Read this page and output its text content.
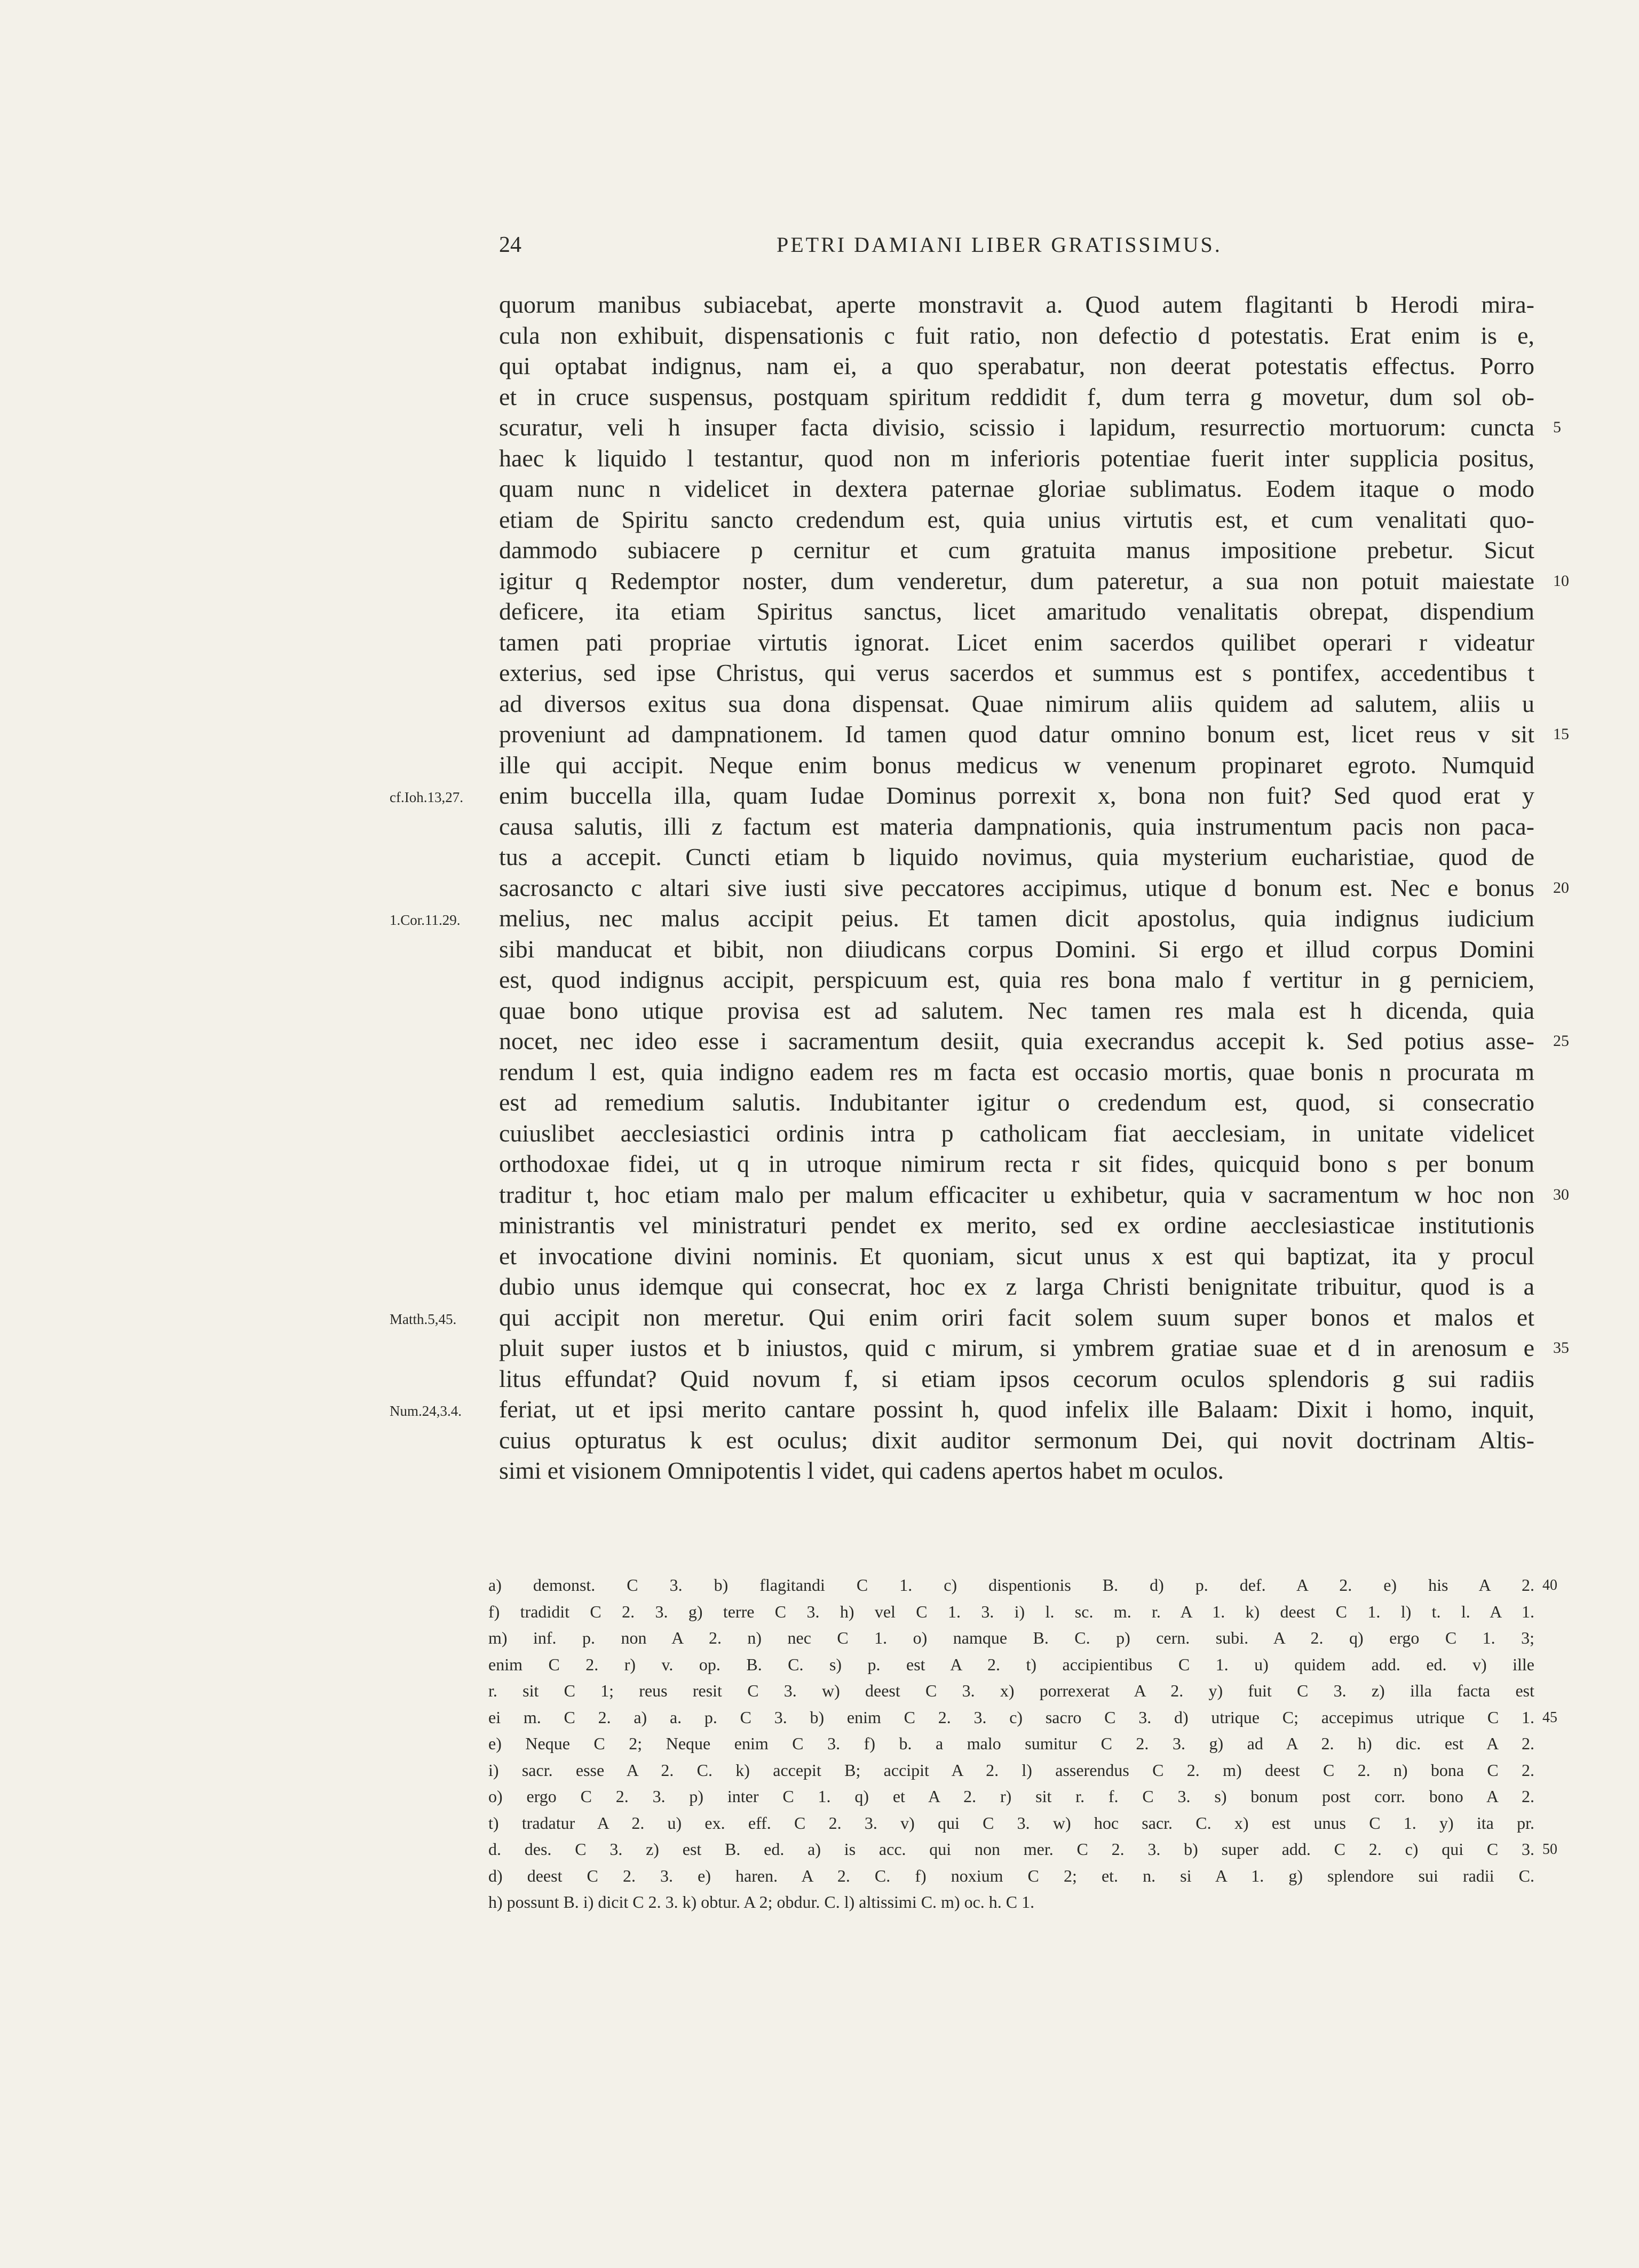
24	PETRI DAMIANI LIBER GRATISSIMUS.
quorum manibus subiacebat, aperte monstravit a. Quod autem flagitanti b Herodi mira-
cula non exhibuit, dispensationis c fuit ratio, non defectio d potestatis. Erat enim is e,
qui optabat indignus, nam ei, a quo sperabatur, non deerat potestatis effectus. Porro
et in cruce suspensus, postquam spiritum reddidit f, dum terra g movetur, dum sol ob-
scuratur, veli h insuper facta divisio, scissio i lapidum, resurrectio mortuorum: cuncta 5
haec k liquido l testantur, quod non m inferioris potentiae fuerit inter supplicia positus,
quam nunc n videlicet in dextera paternae gloriae sublimatus. Eodem itaque o modo
etiam de Spiritu sancto credendum est, quia unius virtutis est, et cum venalitati quo-
dammodo subiacere p cernitur et cum gratuita manus impositione prebetur. Sicut
igitur q Redemptor noster, dum venderetur, dum pateretur, a sua non potuit maiestate 10
deficere, ita etiam Spiritus sanctus, licet amaritudo venalitatis obrepat, dispendium
tamen pati propriae virtutis ignorat. Licet enim sacerdos quilibet operari r videatur
exterius, sed ipse Christus, qui verus sacerdos et summus est s pontifex, accedentibus t
ad diversos exitus sua dona dispensat. Quae nimirum aliis quidem ad salutem, aliis u
proveniunt ad dampnationem. Id tamen quod datur omnino bonum est, licet reus v sit 15
ille qui accipit. Neque enim bonus medicus w venenum propinaret egroto. Numquid
enim buccella illa, quam Iudae Dominus porrexit x, bona non fuit? Sed quod erat y
cf.Ioh.13,27.
causa salutis, illi z factum est materia dampnationis, quia instrumentum pacis non paca-
tus a accepit. Cuncti etiam b liquido novimus, quia mysterium eucharistiae, quod de
sacrosancto c altari sive iusti sive peccatores accipimus, utique d bonum est. Nec e bonus 20
melius, nec malus accipit peius. Et tamen dicit apostolus, quia indignus iudicium
1.Cor.11.29.
sibi manducat et bibit, non diiudicans corpus Domini. Si ergo et illud corpus Domini
est, quod indignus accipit, perspicuum est, quia res bona malo f vertitur in g perniciem,
quae bono utique provisa est ad salutem. Nec tamen res mala est h dicenda, quia
nocet, nec ideo esse i sacramentum desiit, quia execrandus accepit k. Sed potius asse- 25
rendum l est, quia indigno eadem res m facta est occasio mortis, quae bonis n procurata m
est ad remedium salutis. Indubitanter igitur o credendum est, quod, si consecratio
cuiuslibet aecclesiastici ordinis intra p catholicam fiat aecclesiam, in unitate videlicet
orthodoxae fidei, ut q in utroque nimirum recta r sit fides, quicquid bono s per bonum
traditur t, hoc etiam malo per malum efficaciter u exhibetur, quia v sacramentum w hoc non 30
ministrantis vel ministraturi pendet ex merito, sed ex ordine aecclesiasticae institutionis
et invocatione divini nominis. Et quoniam, sicut unus x est qui baptizat, ita y procul
dubio unus idemque qui consecrat, hoc ex z larga Christi benignitate tribuitur, quod is a
qui accipit non meretur. Qui enim oriri facit solem suum super bonos et malos et
Matth.5,45.
pluit super iustos et b iniustos, quid c mirum, si ymbrem gratiae suae et d in arenosum e 35
litus effundat? Quid novum f, si etiam ipsos cecorum oculos splendoris g sui radiis
feriat, ut et ipsi merito cantare possint h, quod infelix ille Balaam: Dixit i homo, inquit,
Num.24,3.4.
cuius opturatus k est oculus; dixit auditor sermonum Dei, qui novit doctrinam Altis-
simi et visionem Omnipotentis l videt, qui cadens apertos habet m oculos.
a) demonst. C 3. b) flagitandi C 1. c) dispentionis B. d) p. def. A 2. e) his A 2. 40
f) tradidit C 2. 3. g) terre C 3. h) vel C 1. 3. i) l. sc. m. r. A 1. k) deest C 1. l) t. l. A 1.
m) inf. p. non A 2. n) nec C 1. o) namque B. C. p) cern. subi. A 2. q) ergo C 1. 3;
enim C 2. r) v. op. B. C. s) p. est A 2. t) accipientibus C 1. u) quidem add. ed. v) ille
r. sit C 1; reus resit C 3. w) deest C 3. x) porrexerat A 2. y) fuit C 3. z) illa facta est
ei m. C 2. a) a. p. C 3. b) enim C 2. 3. c) sacro C 3. d) utrique C; accepimus utrique C 1. 45
e) Neque C 2; Neque enim C 3. f) b. a malo sumitur C 2. 3. g) ad A 2. h) dic. est A 2.
i) sacr. esse A 2. C. k) accepit B; accipit A 2. l) asserendus C 2. m) deest C 2. n) bona C 2.
o) ergo C 2. 3. p) inter C 1. q) et A 2. r) sit r. f. C 3. s) bonum post corr. bono A 2.
t) tradatur A 2. u) ex. eff. C 2. 3. v) qui C 3. w) hoc sacr. C. x) est unus C 1. y) ita pr.
d. des. C 3. z) est B. ed. a) is acc. qui non mer. C 2. 3. b) super add. C 2. c) qui C 3. 50
d) deest C 2. 3. e) haren. A 2. C. f) noxium C 2; et. n. si A 1. g) splendore sui radii C.
h) possunt B. i) dicit C 2. 3. k) obtur. A 2; obdur. C. l) altissimi C. m) oc. h. C 1.
